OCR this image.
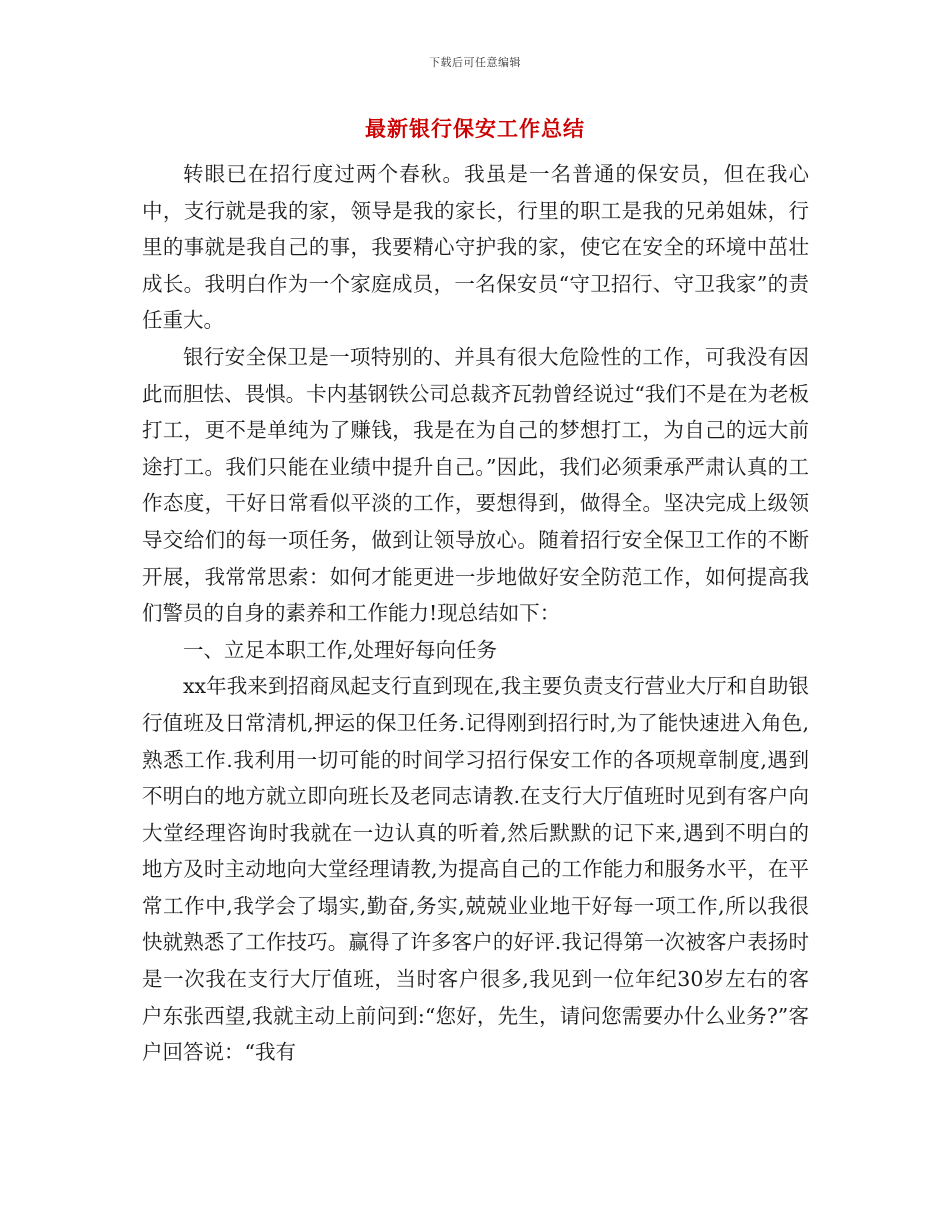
下载后可任意编辑
最新银行保安工作总结

转眼已在招行度过两个春秋。我虽是一名普通的保安员，但在我心中，支行就是我的家，领导是我的家长，行里的职工是我的兄弟姐妹，行里的事就是我自己的事，我要精心守护我的家，使它在安全的环境中茁壮成长。我明白作为一个家庭成员，一名保安员“守卫招行、守卫我家”的责任重大。

银行安全保卫是一项特别的、并具有很大危险性的工作，可我没有因此而胆怯、畏惧。卡内基钢铁公司总裁齐瓦勃曾经说过“我们不是在为老板打工，更不是单纯为了赚钱，我是在为自己的梦想打工，为自己的远大前途打工。我们只能在业绩中提升自己。”因此，我们必须秉承严肃认真的工作态度，干好日常看似平淡的工作，要想得到，做得全。坚决完成上级领导交给们的每一项任务，做到让领导放心。随着招行安全保卫工作的不断开展，我常常思索：如何才能更进一步地做好安全防范工作，如何提高我们警员的自身的素养和工作能力!现总结如下：

一、立足本职工作,处理好每向任务

xx年我来到招商凤起支行直到现在,我主要负责支行营业大厅和自助银行值班及日常清机,押运的保卫任务.记得刚到招行时,为了能快速进入角色,熟悉工作.我利用一切可能的时间学习招行保安工作的各项规章制度,遇到不明白的地方就立即向班长及老同志请教.在支行大厅值班时见到有客户向大堂经理咨询时我就在一边认真的听着,然后默默的记下来,遇到不明白的地方及时主动地向大堂经理请教,为提高自己的工作能力和服务水平，在平常工作中,我学会了塌实,勤奋,务实,兢兢业业地干好每一项工作,所以我很快就熟悉了工作技巧。赢得了许多客户的好评.我记得第一次被客户表扬时是一次我在支行大厅值班，当时客户很多,我见到一位年纪30岁左右的客户东张西望,我就主动上前问到:“您好，先生，请问您需要办什么业务?”客户回答说：“我有
